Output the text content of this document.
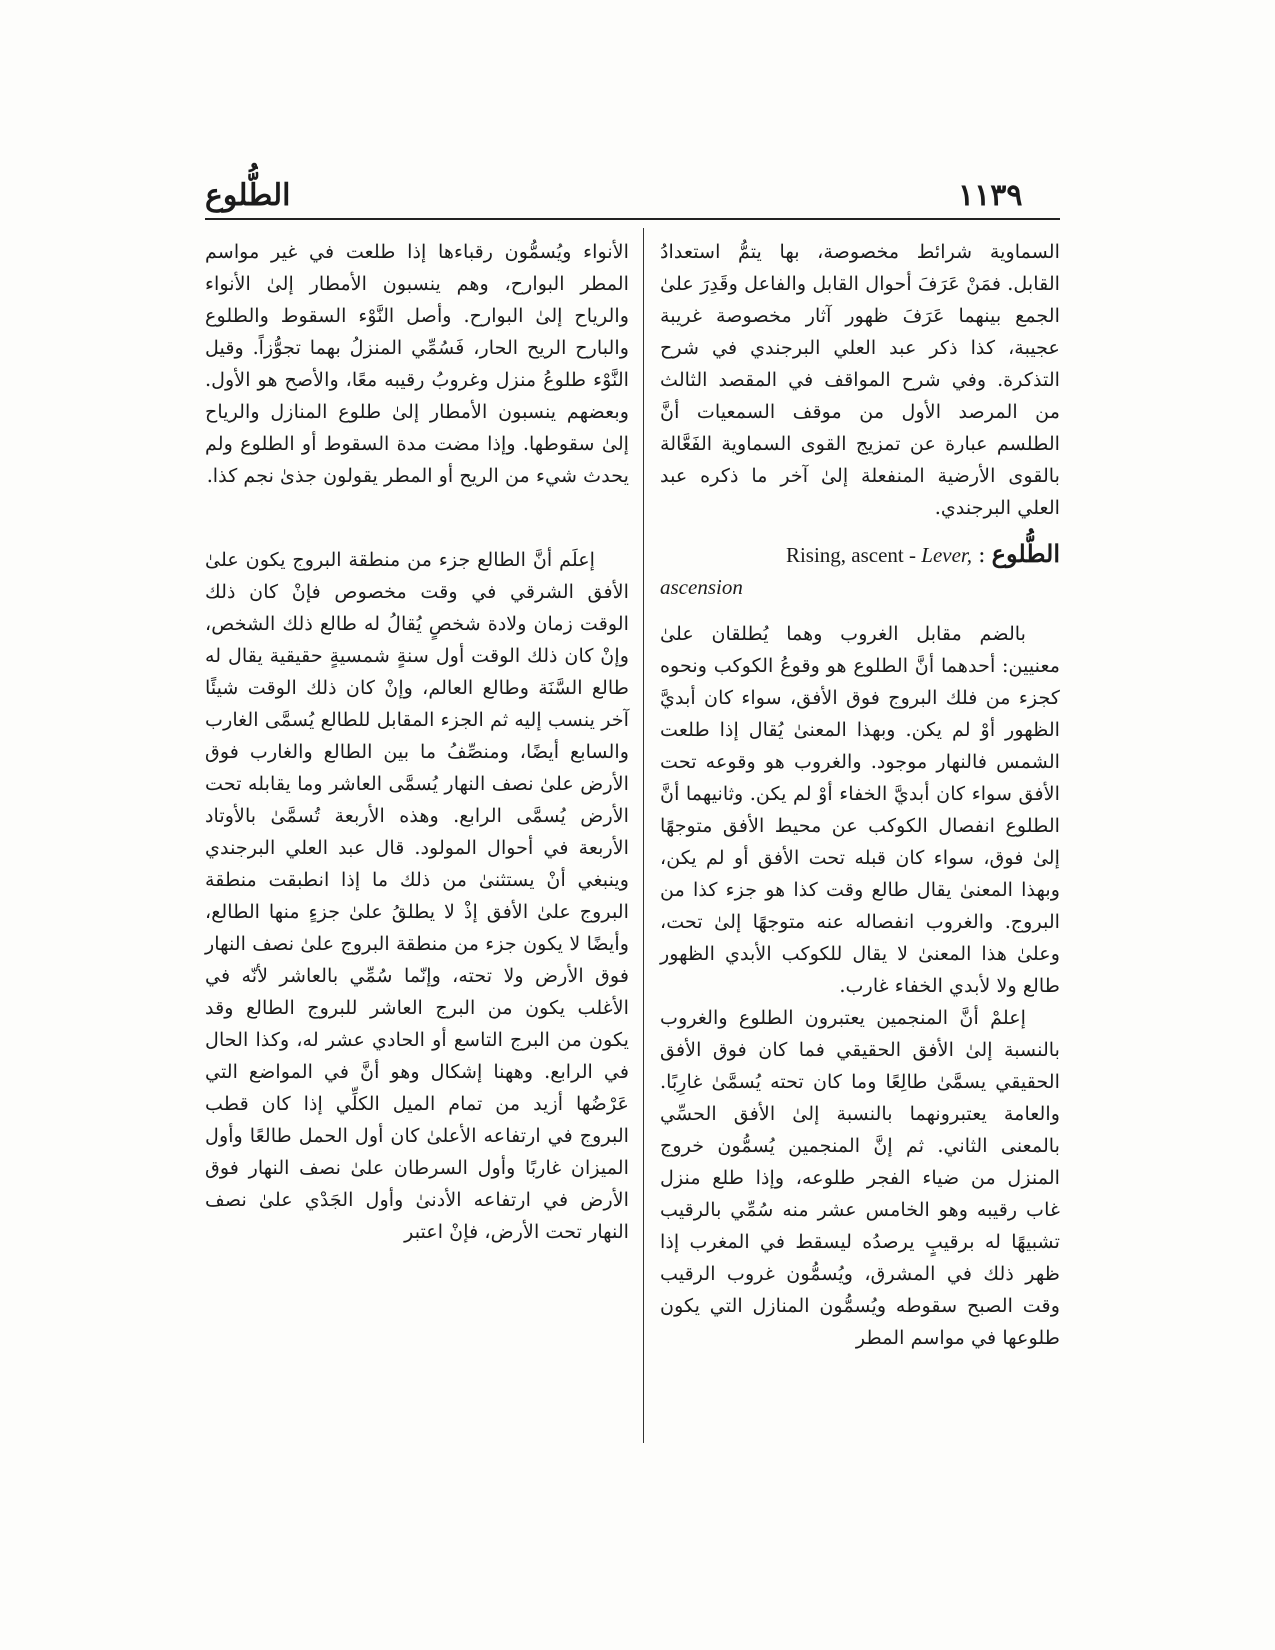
١١٣٩
الطُّلوع

السماوية شرائط مخصوصة، بها يتمُّ استعدادُ القابل. فمَنْ عَرَفَ أحوال القابل والفاعل وقَدِرَ علىٰ الجمع بينهما عَرَفَ ظهور آثار مخصوصة غريبة عجيبة، كذا ذكر عبد العلي البرجندي في شرح التذكرة. وفي شرح المواقف في المقصد الثالث من المرصد الأول من موقف السمعيات أنَّ الطلسم عبارة عن تمزيج القوى السماوية الفَعَّالة بالقوى الأرضية المنفعلة إلىٰ آخر ما ذكره عبد العلي البرجندي.

الطُّلوع : Rising, ascent - Lever,
ascension

بالضم مقابل الغروب وهما يُطلقان علىٰ معنيين: أحدهما أنَّ الطلوع هو وقوعُ الكوكب ونحوه كجزء من فلك البروج فوق الأفق، سواء كان أبديَّ الظهور أوْ لم يكن. وبهذا المعنىٰ يُقال إذا طلعت الشمس فالنهار موجود. والغروب هو وقوعه تحت الأفق سواء كان أبديَّ الخفاء أوْ لم يكن. وثانيهما أنَّ الطلوع انفصال الكوكب عن محيط الأفق متوجهًا إلىٰ فوق، سواء كان قبله تحت الأفق أو لم يكن، وبهذا المعنىٰ يقال طالع وقت كذا هو جزء كذا من البروج. والغروب انفصاله عنه متوجهًا إلىٰ تحت، وعلىٰ هذا المعنىٰ لا يقال للكوكب الأبدي الظهور طالع ولا لأبدي الخفاء غارب.

إعلمْ أنَّ المنجمين يعتبرون الطلوع والغروب بالنسبة إلىٰ الأفق الحقيقي فما كان فوق الأفق الحقيقي يسمَّىٰ طالِعًا وما كان تحته يُسمَّىٰ غارِبًا. والعامة يعتبرونهما بالنسبة إلىٰ الأفق الحسِّي بالمعنى الثاني. ثم إنَّ المنجمين يُسمُّون خروج المنزل من ضياء الفجر طلوعه، وإذا طلع منزل غاب رقيبه وهو الخامس عشر منه سُمِّي بالرقيب تشبيهًا له برقيبٍ يرصدُه ليسقط في المغرب إذا ظهر ذلك في المشرق، ويُسمُّون غروب الرقيب وقت الصبح سقوطه ويُسمُّون المنازل التي يكون طلوعها في مواسم المطر

الأنواء ويُسمُّون رقباءها إذا طلعت في غير مواسم المطر البوارح، وهم ينسبون الأمطار إلىٰ الأنواء والرياح إلىٰ البوارح. وأصل النَّوْء السقوط والطلوع والبارح الريح الحار، فَسُمِّي المنزلُ بهما تجوُّزاً. وقيل النَّوْء طلوعُ منزل وغروبُ رقيبه معًا، والأصح هو الأول. وبعضهم ينسبون الأمطار إلىٰ طلوع المنازل والرياح إلىٰ سقوطها. وإذا مضت مدة السقوط أو الطلوع ولم يحدث شيء من الريح أو المطر يقولون جذىٰ نجم كذا.

إعلَم أنَّ الطالع جزء من منطقة البروج يكون علىٰ الأفق الشرقي في وقت مخصوص فإنْ كان ذلك الوقت زمان ولادة شخصٍ يُقالُ له طالع ذلك الشخص، وإنْ كان ذلك الوقت أول سنةٍ شمسيةٍ حقيقية يقال له طالع السَّنَة وطالع العالم، وإنْ كان ذلك الوقت شيئًا آخر ينسب إليه ثم الجزء المقابل للطالع يُسمَّى الغارب والسابع أيضًا، ومنصِّفُ ما بين الطالع والغارب فوق الأرض علىٰ نصف النهار يُسمَّى العاشر وما يقابله تحت الأرض يُسمَّى الرابع. وهذه الأربعة تُسمَّىٰ بالأوتاد الأربعة في أحوال المولود. قال عبد العلي البرجندي وينبغي أنْ يستثنىٰ من ذلك ما إذا انطبقت منطقة البروج علىٰ الأفق إذْ لا يطلقُ علىٰ جزءٍ منها الطالع، وأيضًا لا يكون جزء من منطقة البروج علىٰ نصف النهار فوق الأرض ولا تحته، وإنّما سُمِّي بالعاشر لأنّه في الأغلب يكون من البرج العاشر للبروج الطالع وقد يكون من البرج التاسع أو الحادي عشر له، وكذا الحال في الرابع. وههنا إشكال وهو أنَّ في المواضع التي عَرْضُها أزيد من تمام الميل الكلِّي إذا كان قطب البروج في ارتفاعه الأعلىٰ كان أول الحمل طالعًا وأول الميزان غاربًا وأول السرطان علىٰ نصف النهار فوق الأرض في ارتفاعه الأدنىٰ وأول الجَدْي علىٰ نصف النهار تحت الأرض، فإنْ اعتبر
